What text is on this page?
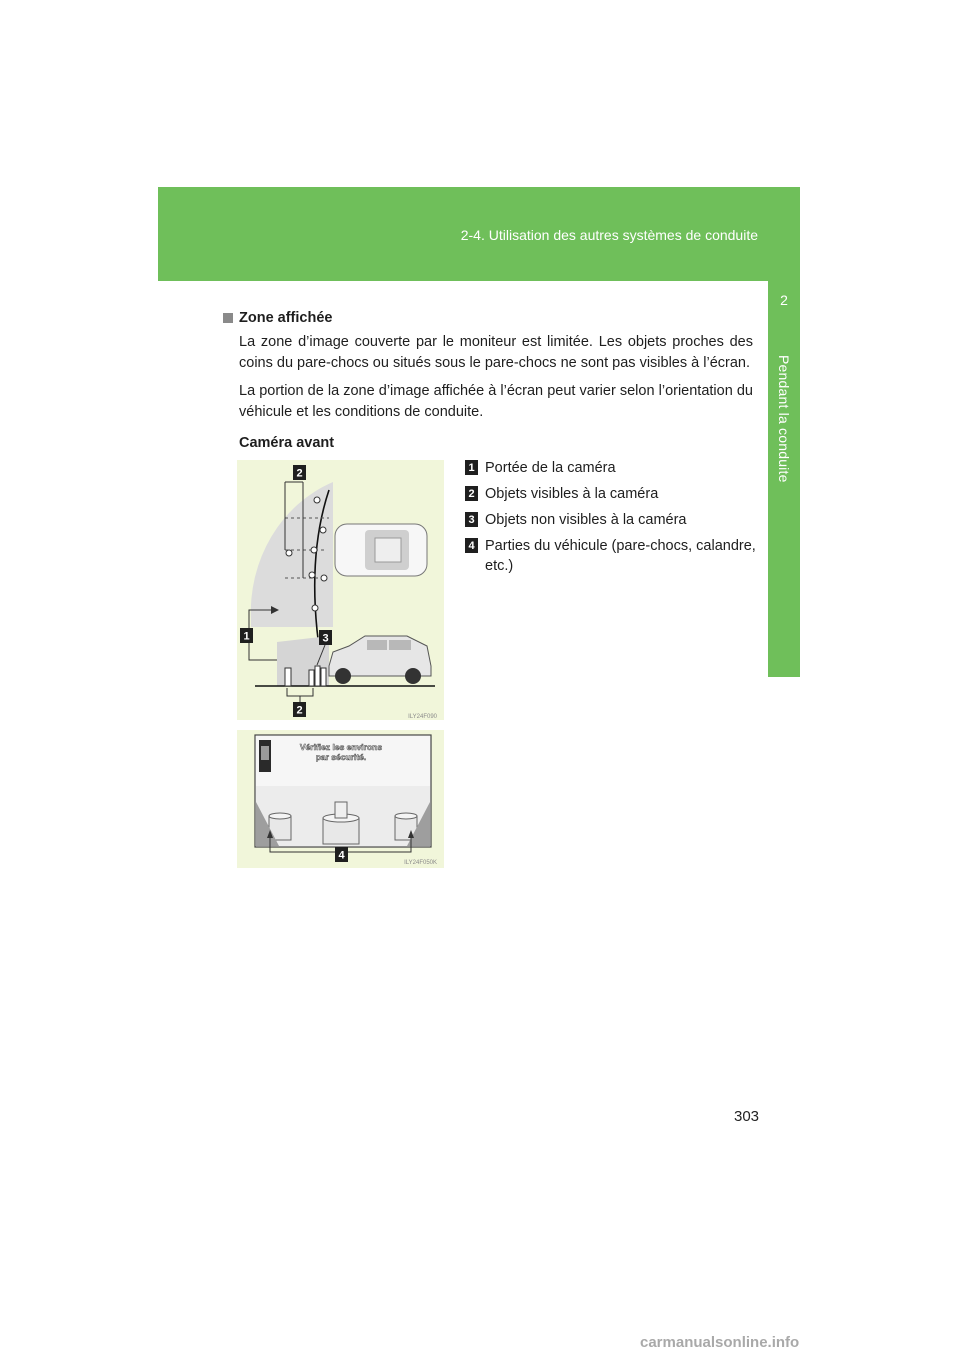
2-4. Utilisation des autres systèmes de conduite
2
Pendant la conduite
Zone affichée

La zone d’image couverte par le moniteur est limitée. Les objets proches des coins du pare-chocs ou situés sous le pare-chocs ne sont pas visibles à l’écran.

La portion de la zone d’image affichée à l’écran peut varier selon l’orientation du véhicule et les conditions de conduite.

Caméra avant
2
1	3
2
ILY24F090
Vérifiez les environs
par sécurité.
4
ILY24F050K
1 Portée de la caméra
2 Objets visibles à la caméra
3 Objets non visibles à la caméra
4 Parties du véhicule (pare-chocs, calandre, etc.)
303
carmanualsonline.info
